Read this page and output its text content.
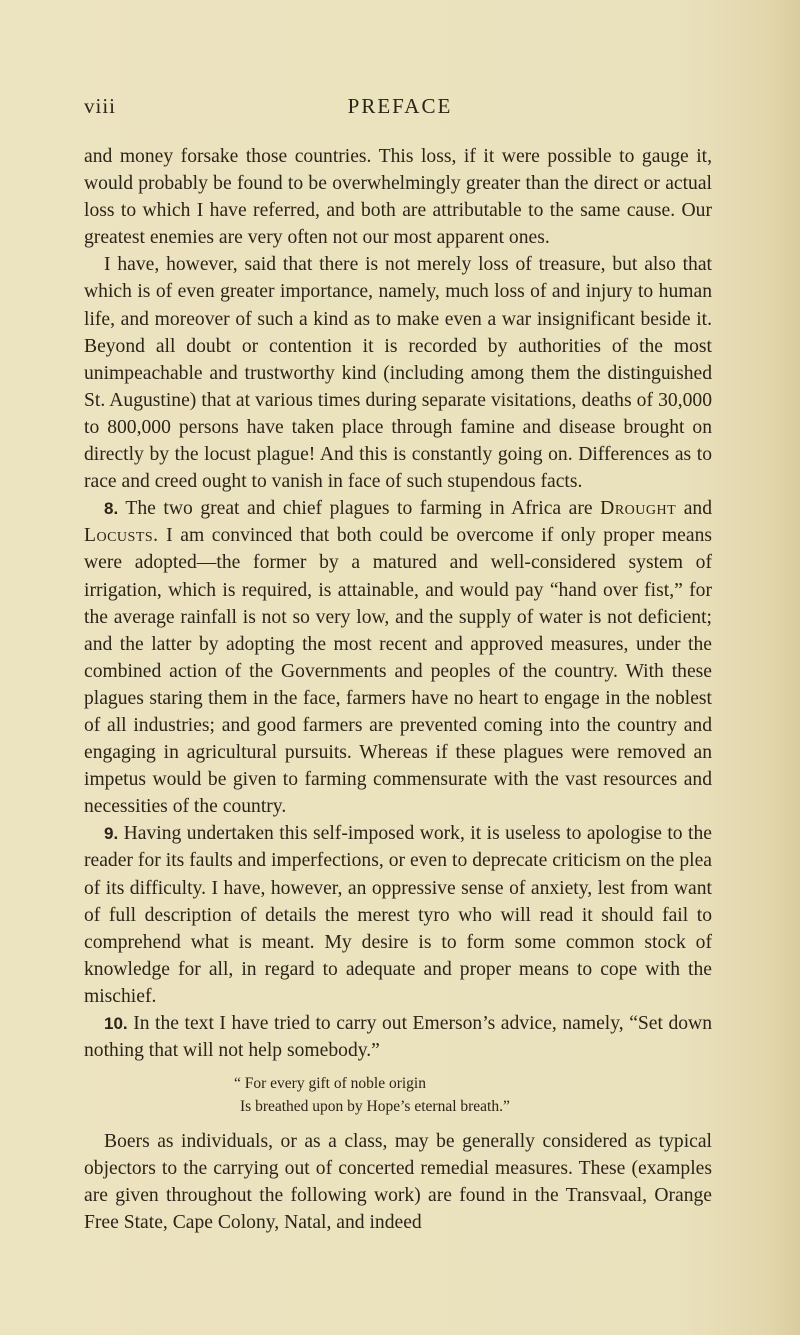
viii	PREFACE

and money forsake those countries. This loss, if it were possible to gauge it, would probably be found to be overwhelmingly greater than the direct or actual loss to which I have referred, and both are attributable to the same cause. Our greatest enemies are very often not our most apparent ones.

I have, however, said that there is not merely loss of treasure, but also that which is of even greater importance, namely, much loss of and injury to human life, and moreover of such a kind as to make even a war insignificant beside it. Beyond all doubt or contention it is recorded by authorities of the most unimpeachable and trustworthy kind (including among them the distinguished St. Augustine) that at various times during separate visitations, deaths of 30,000 to 800,000 persons have taken place through famine and disease brought on directly by the locust plague! And this is constantly going on. Differences as to race and creed ought to vanish in face of such stupendous facts.

8. The two great and chief plagues to farming in Africa are Drought and Locusts. I am convinced that both could be overcome if only proper means were adopted—the former by a matured and well-considered system of irrigation, which is required, is attainable, and would pay “hand over fist,” for the average rainfall is not so very low, and the supply of water is not deficient; and the latter by adopting the most recent and approved measures, under the combined action of the Governments and peoples of the country. With these plagues staring them in the face, farmers have no heart to engage in the noblest of all industries; and good farmers are prevented coming into the country and engaging in agricultural pursuits. Whereas if these plagues were removed an impetus would be given to farming commensurate with the vast resources and necessities of the country.

9. Having undertaken this self-imposed work, it is useless to apologise to the reader for its faults and imperfections, or even to deprecate criticism on the plea of its difficulty. I have, however, an oppressive sense of anxiety, lest from want of full description of details the merest tyro who will read it should fail to comprehend what is meant. My desire is to form some common stock of knowledge for all, in regard to adequate and proper means to cope with the mischief.

10. In the text I have tried to carry out Emerson’s advice, namely, “Set down nothing that will not help somebody.”

“ For every gift of noble origin
Is breathed upon by Hope’s eternal breath.”

Boers as individuals, or as a class, may be generally considered as typical objectors to the carrying out of concerted remedial measures. These (examples are given throughout the following work) are found in the Transvaal, Orange Free State, Cape Colony, Natal, and indeed
